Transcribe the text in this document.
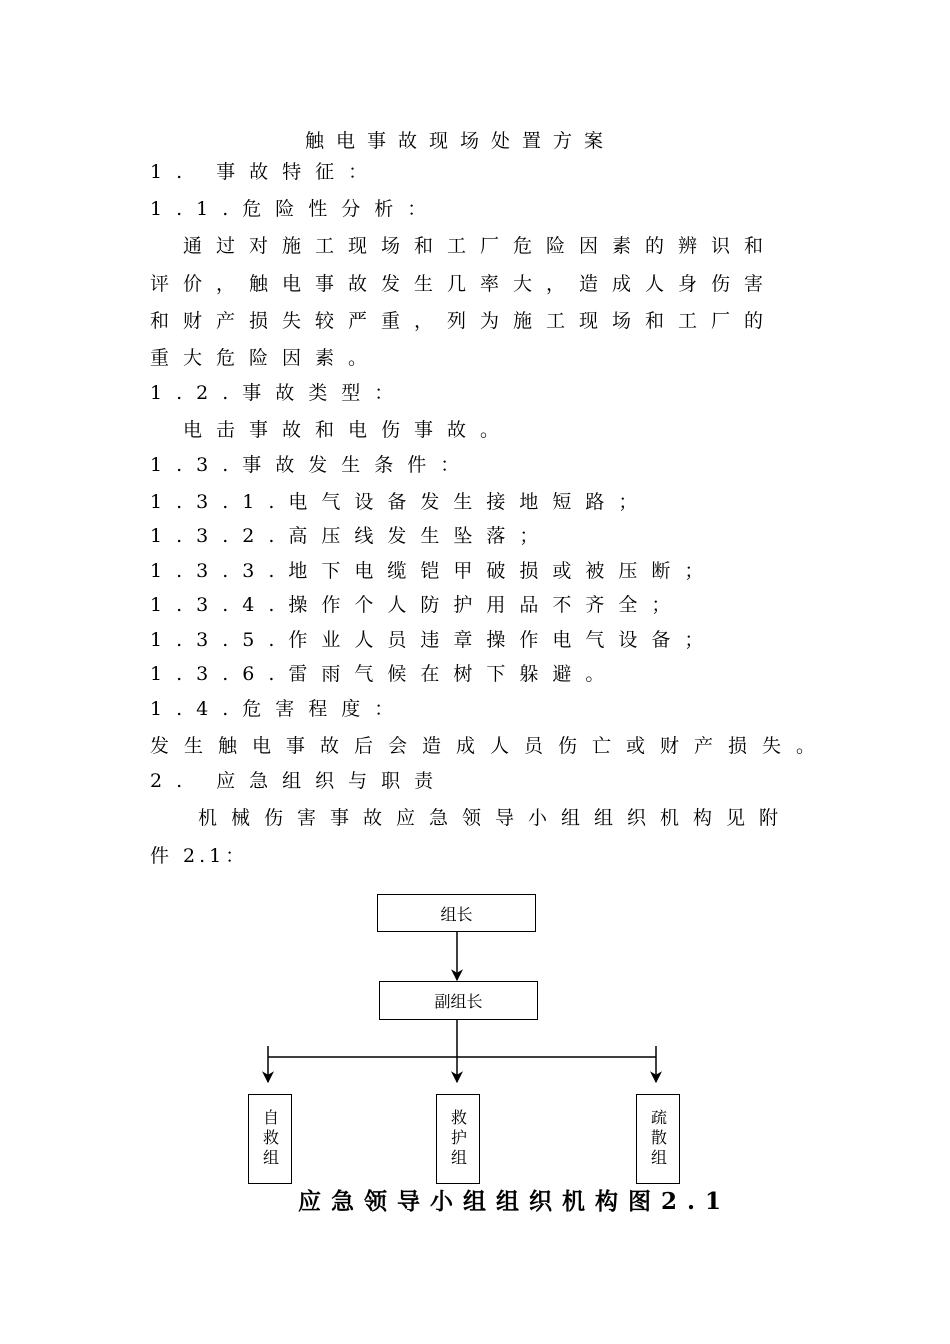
触电事故现场处置方案
1. 事故特征：
1.1.危险性分析：
通过对施工现场和工厂危险因素的辨识和
评价，触电事故发生几率大，造成人身伤害
和财产损失较严重，列为施工现场和工厂的
重大危险因素。
1.2.事故类型：
电击事故和电伤事故。
1.3.事故发生条件：
1.3.1.电气设备发生接地短路；
1.3.2.高压线发生坠落；
1.3.3.地下电缆铠甲破损或被压断；
1.3.4.操作个人防护用品不齐全；
1.3.5.作业人员违章操作电气设备；
1.3.6.雷雨气候在树下躲避。
1.4.危害程度：
发生触电事故后会造成人员伤亡或财产损失。
2. 应急组织与职责
机械伤害事故应急领导小组组织机构见附
件 2.1：
组长
副组长
自救组	救护组	疏散组
应急领导小组组织机构图2.1
